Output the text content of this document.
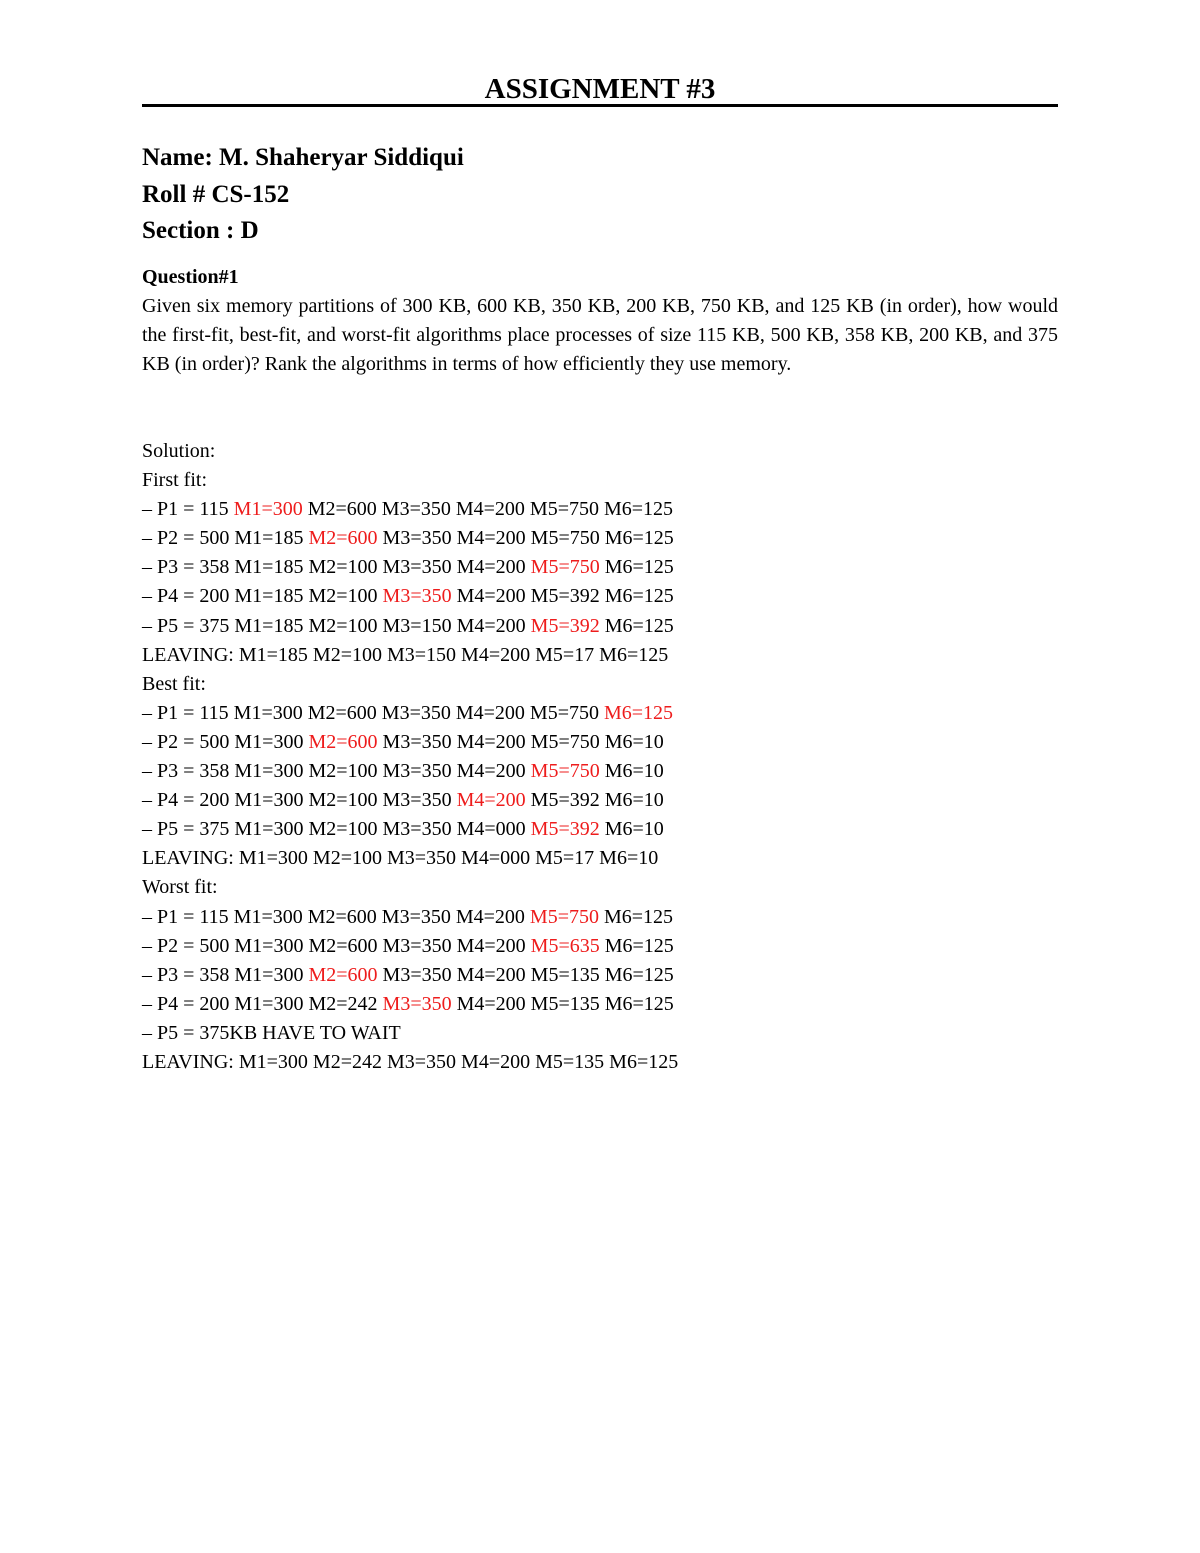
ASSIGNMENT #3
Name: M. Shaheryar Siddiqui
Roll # CS-152
Section : D
Question#1
Given six memory partitions of 300 KB, 600 KB, 350 KB, 200 KB, 750 KB, and 125 KB (in order), how would the first-fit, best-fit, and worst-fit algorithms place processes of size 115 KB, 500 KB, 358 KB, 200 KB, and 375 KB (in order)? Rank the algorithms in terms of how efficiently they use memory.
Solution:
First fit:
– P1 = 115 M1=300 M2=600 M3=350 M4=200 M5=750 M6=125
– P2 = 500 M1=185 M2=600 M3=350 M4=200 M5=750 M6=125
– P3 = 358 M1=185 M2=100 M3=350 M4=200 M5=750 M6=125
– P4 = 200 M1=185 M2=100 M3=350 M4=200 M5=392 M6=125
– P5 = 375 M1=185 M2=100 M3=150 M4=200 M5=392 M6=125
LEAVING: M1=185 M2=100 M3=150 M4=200 M5=17 M6=125
Best fit:
– P1 = 115 M1=300 M2=600 M3=350 M4=200 M5=750 M6=125
– P2 = 500 M1=300 M2=600 M3=350 M4=200 M5=750 M6=10
– P3 = 358 M1=300 M2=100 M3=350 M4=200 M5=750 M6=10
– P4 = 200 M1=300 M2=100 M3=350 M4=200 M5=392 M6=10
– P5 = 375 M1=300 M2=100 M3=350 M4=000 M5=392 M6=10
LEAVING: M1=300 M2=100 M3=350 M4=000 M5=17 M6=10
Worst fit:
– P1 = 115 M1=300 M2=600 M3=350 M4=200 M5=750 M6=125
– P2 = 500 M1=300 M2=600 M3=350 M4=200 M5=635 M6=125
– P3 = 358 M1=300 M2=600 M3=350 M4=200 M5=135 M6=125
– P4 = 200 M1=300 M2=242 M3=350 M4=200 M5=135 M6=125
– P5 = 375KB HAVE TO WAIT
LEAVING: M1=300 M2=242 M3=350 M4=200 M5=135 M6=125
